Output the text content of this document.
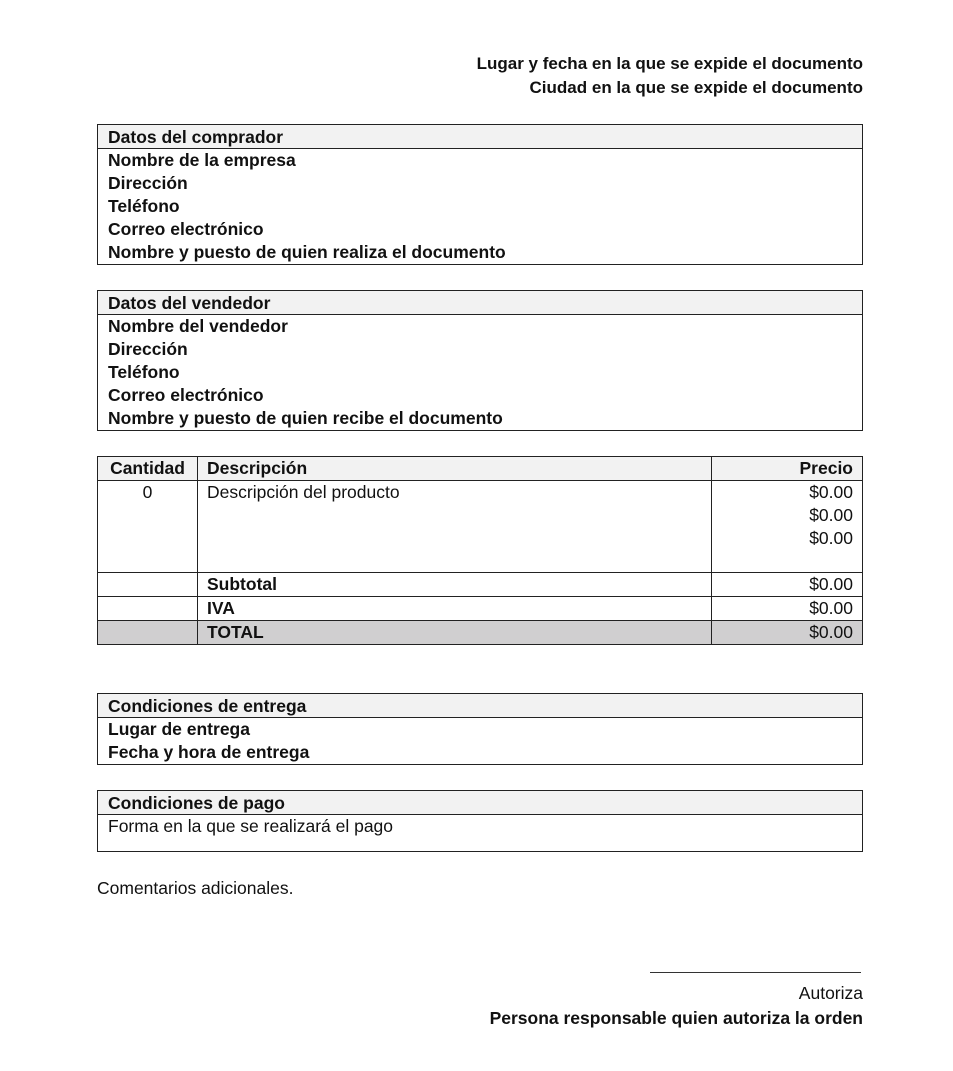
Lugar y fecha en la que se expide el documento
Ciudad en la que se expide el documento
Datos del comprador
Nombre de la empresa
Dirección
Teléfono
Correo electrónico
Nombre y puesto de quien realiza el documento
Datos del vendedor
Nombre del vendedor
Dirección
Teléfono
Correo electrónico
Nombre y puesto de quien recibe el documento
Cantidad	Descripción	Precio
0	Descripción del producto	$0.00
$0.00
$0.00

	Subtotal	$0.00
	IVA	$0.00
	TOTAL	$0.00
Condiciones de entrega
Lugar de entrega
Fecha y hora de entrega
Condiciones de pago
Forma en la que se realizará el pago
Comentarios adicionales.
Autoriza
Persona responsable quien autoriza la orden
